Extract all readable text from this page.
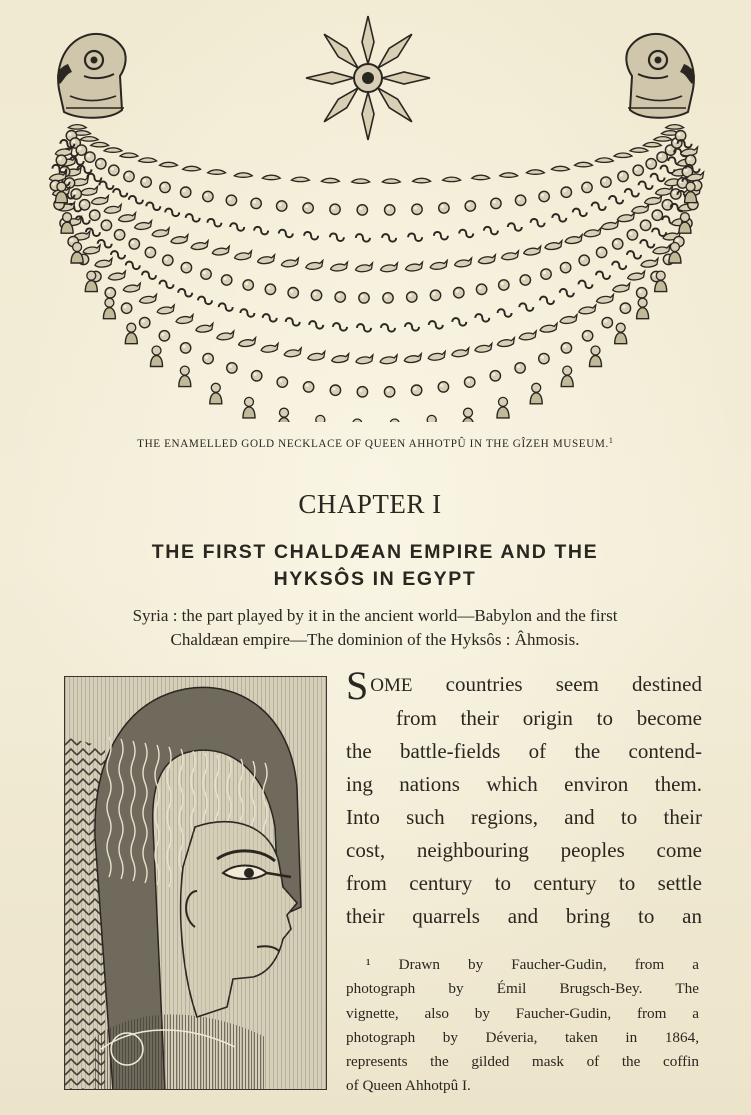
THE ENAMELLED GOLD NECKLACE OF QUEEN AHHOTPÛ IN THE GÎZEH MUSEUM.$^1$
CHAPTER I
THE FIRST CHALDÆAN EMPIRE AND THE
HYKSÔS IN EGYPT
Syria : the part played by it in the ancient world—Babylon and the first
Chaldæan empire—The dominion of the Hyksôs : Âhmosis.
SOME countries seem destined
from their origin to become
the battle-fields of the contend-
ing nations which environ them.
Into such regions, and to their
cost, neighbouring peoples come
from century to century to settle
their quarrels and bring to an
¹ Drawn by Faucher-Gudin, from a
photograph by Émil Brugsch-Bey. The
vignette, also by Faucher-Gudin, from a
photograph by Déveria, taken in 1864,
represents the gilded mask of the coffin
of Queen Ahhotpû I.
